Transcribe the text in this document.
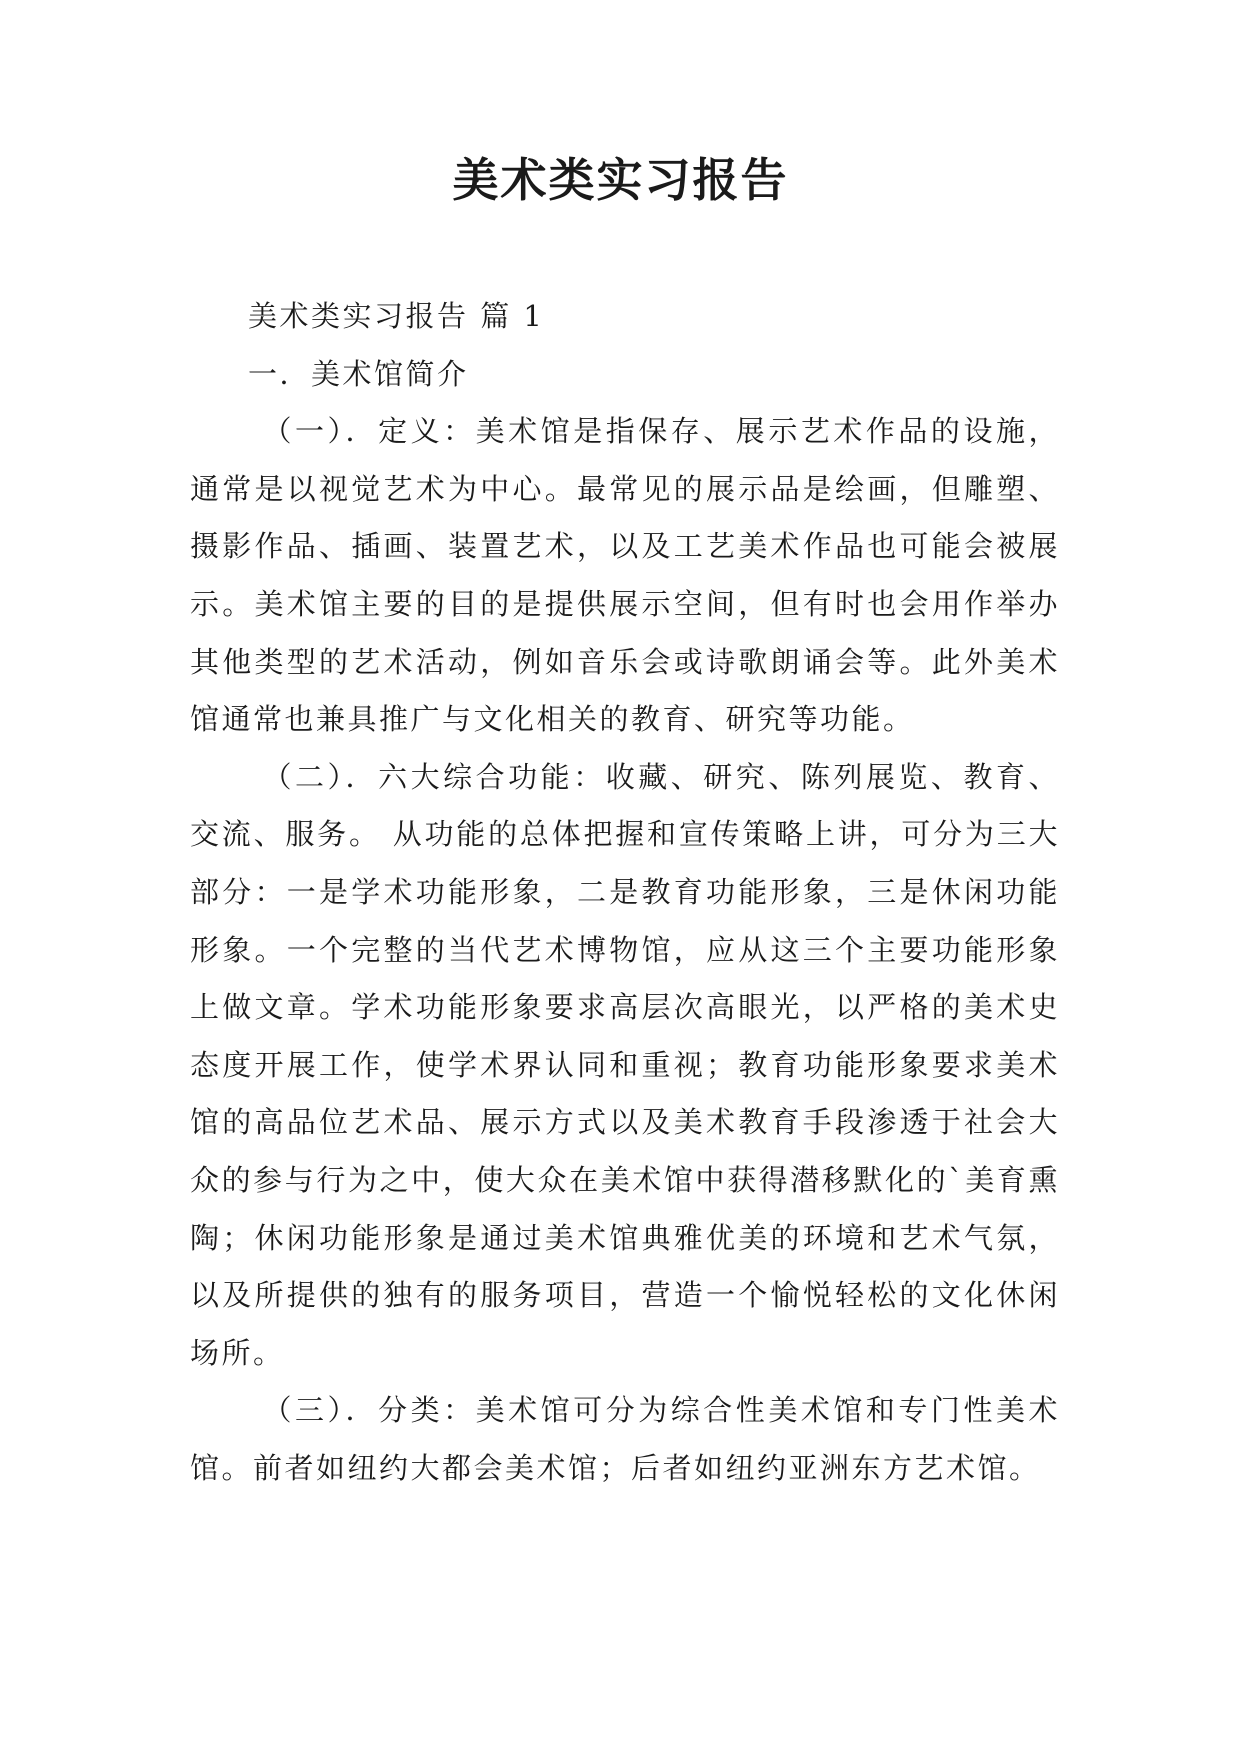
美术类实习报告

美术类实习报告 篇 1

一．美术馆简介

（一）．定义：美术馆是指保存、展示艺术作品的设施，通常是以视觉艺术为中心。最常见的展示品是绘画，但雕塑、摄影作品、插画、装置艺术，以及工艺美术作品也可能会被展示。美术馆主要的目的是提供展示空间，但有时也会用作举办其他类型的艺术活动，例如音乐会或诗歌朗诵会等。此外美术馆通常也兼具推广与文化相关的教育、研究等功能。

（二）．六大综合功能：收藏、研究、陈列展览、教育、交流、服务。 从功能的总体把握和宣传策略上讲，可分为三大部分：一是学术功能形象，二是教育功能形象，三是休闲功能形象。一个完整的当代艺术博物馆，应从这三个主要功能形象上做文章。学术功能形象要求高层次高眼光，以严格的美术史态度开展工作，使学术界认同和重视；教育功能形象要求美术馆的高品位艺术品、展示方式以及美术教育手段渗透于社会大众的参与行为之中，使大众在美术馆中获得潜移默化的`美育熏陶；休闲功能形象是通过美术馆典雅优美的环境和艺术气氛，以及所提供的独有的服务项目，营造一个愉悦轻松的文化休闲场所。

（三）．分类：美术馆可分为综合性美术馆和专门性美术馆。前者如纽约大都会美术馆；后者如纽约亚洲东方艺术馆。
